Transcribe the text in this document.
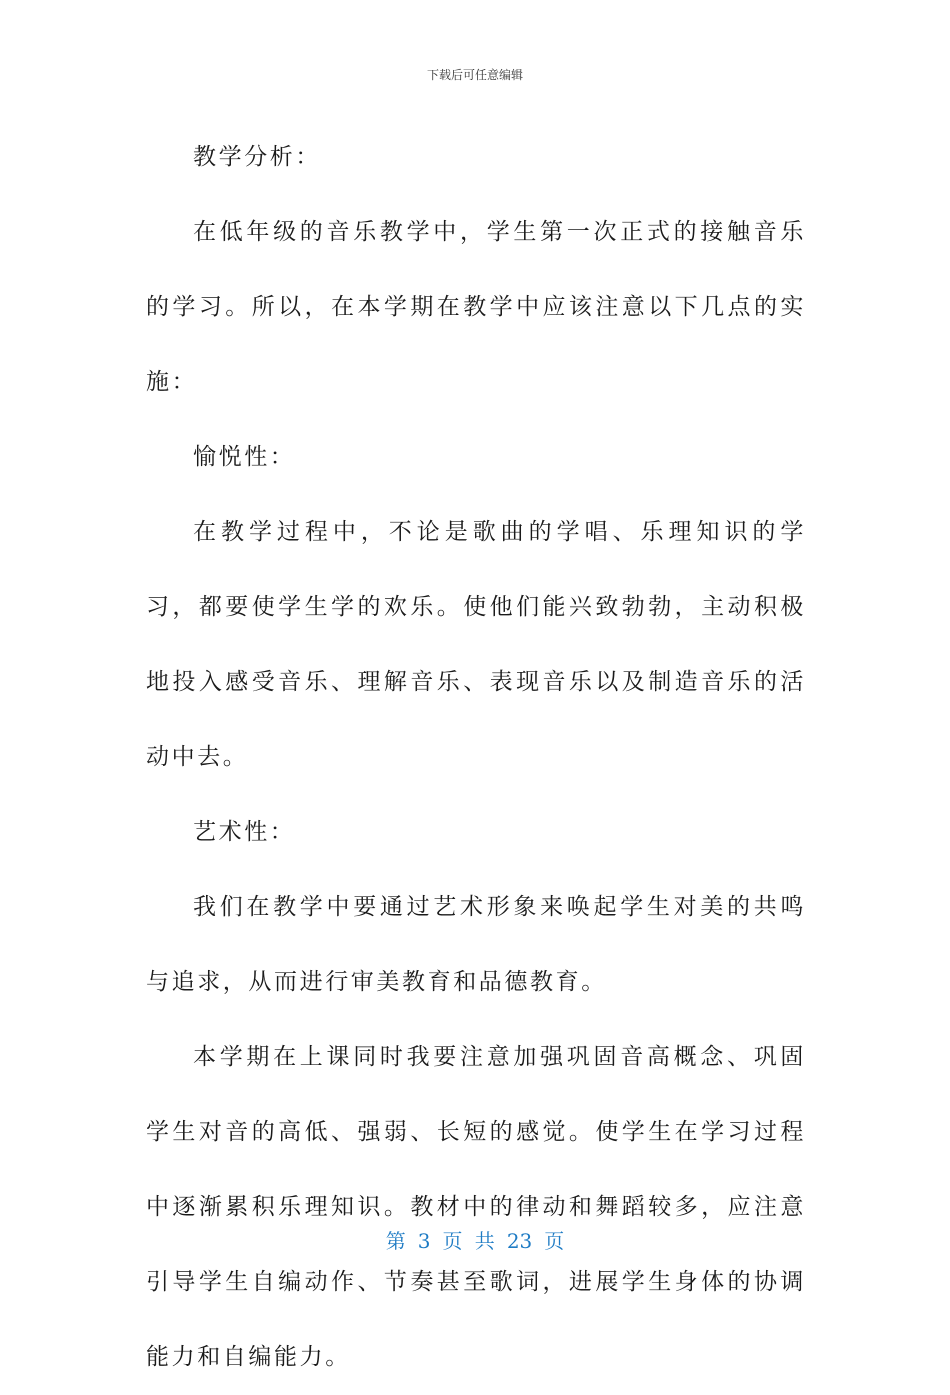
下载后可任意编辑

教学分析：

在低年级的音乐教学中，学生第一次正式的接触音乐的学习。所以，在本学期在教学中应该注意以下几点的实施：

愉悦性：

在教学过程中，不论是歌曲的学唱、乐理知识的学习，都要使学生学的欢乐。使他们能兴致勃勃，主动积极地投入感受音乐、理解音乐、表现音乐以及制造音乐的活动中去。

艺术性：

我们在教学中要通过艺术形象来唤起学生对美的共鸣与追求，从而进行审美教育和品德教育。

本学期在上课同时我要注意加强巩固音高概念、巩固学生对音的高低、强弱、长短的感觉。使学生在学习过程中逐渐累积乐理知识。教材中的律动和舞蹈较多，应注意引导学生自编动作、节奏甚至歌词，进展学生身体的协调能力和自编能力。

第 3 页 共 23 页
